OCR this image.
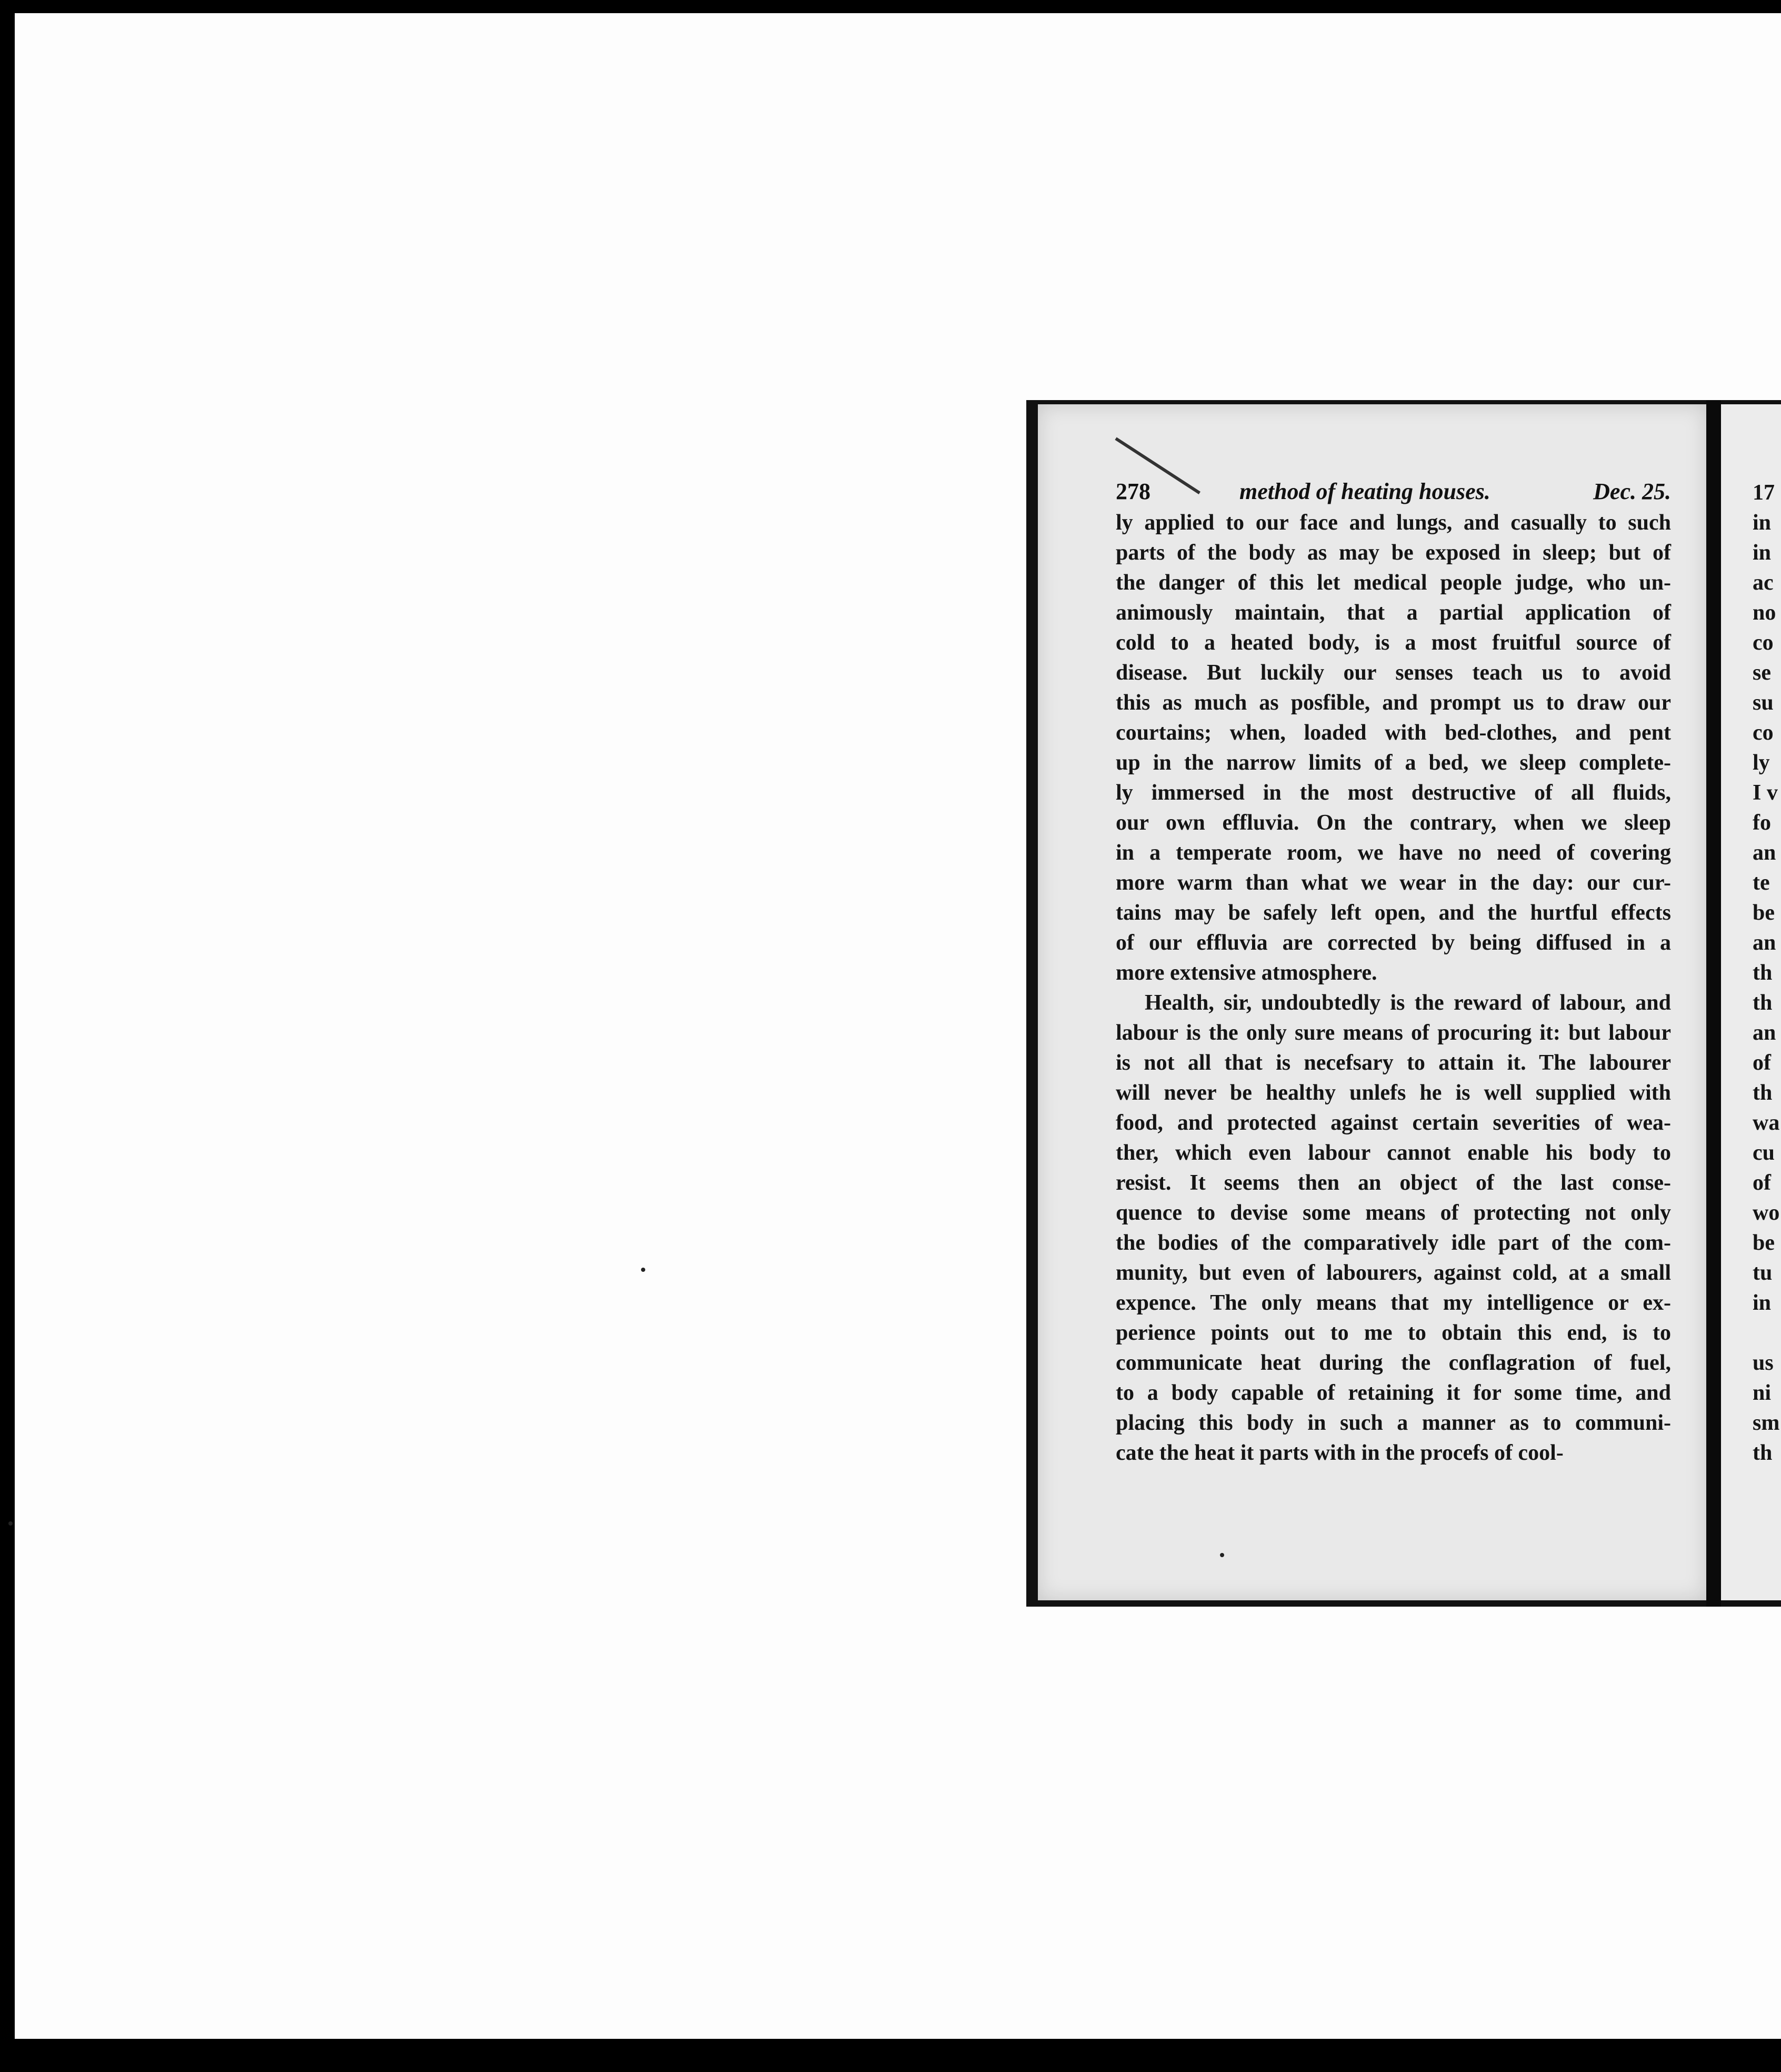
278	method of heating houses.	Dec. 25.
ly applied to our face and lungs, and casually to such
parts of the body as may be exposed in sleep; but of
the danger of this let medical people judge, who un-
animously maintain, that a partial application of
cold to a heated body, is a most fruitful source of
disease. But luckily our senses teach us to avoid
this as much as posfible, and prompt us to draw our
courtains; when, loaded with bed-clothes, and pent
up in the narrow limits of a bed, we sleep complete-
ly immersed in the most destructive of all fluids,
our own effluvia. On the contrary, when we sleep
in a temperate room, we have no need of covering
more warm than what we wear in the day: our cur-
tains may be safely left open, and the hurtful effects
of our effluvia are corrected by being diffused in a
more extensive atmosphere.
Health, sir, undoubtedly is the reward of labour, and
labour is the only sure means of procuring it: but labour
is not all that is necefsary to attain it. The labourer
will never be healthy unlefs he is well supplied with
food, and protected against certain severities of wea-
ther, which even labour cannot enable his body to
resist. It seems then an object of the last conse-
quence to devise some means of protecting not only
the bodies of the comparatively idle part of the com-
munity, but even of labourers, against cold, at a small
expence. The only means that my intelligence or ex-
perience points out to me to obtain this end, is to
communicate heat during the conflagration of fuel,
to a body capable of retaining it for some time, and
placing this body in such a manner as to communi-
cate the heat it parts with in the procefs of cool-
17
in
in
ac
no
co
se
su
co
ly
I v
fo
an
te
be
an
th
th
an
of
th
wa
cu
of
wo
be
tu
in
us
ni
sm
th
